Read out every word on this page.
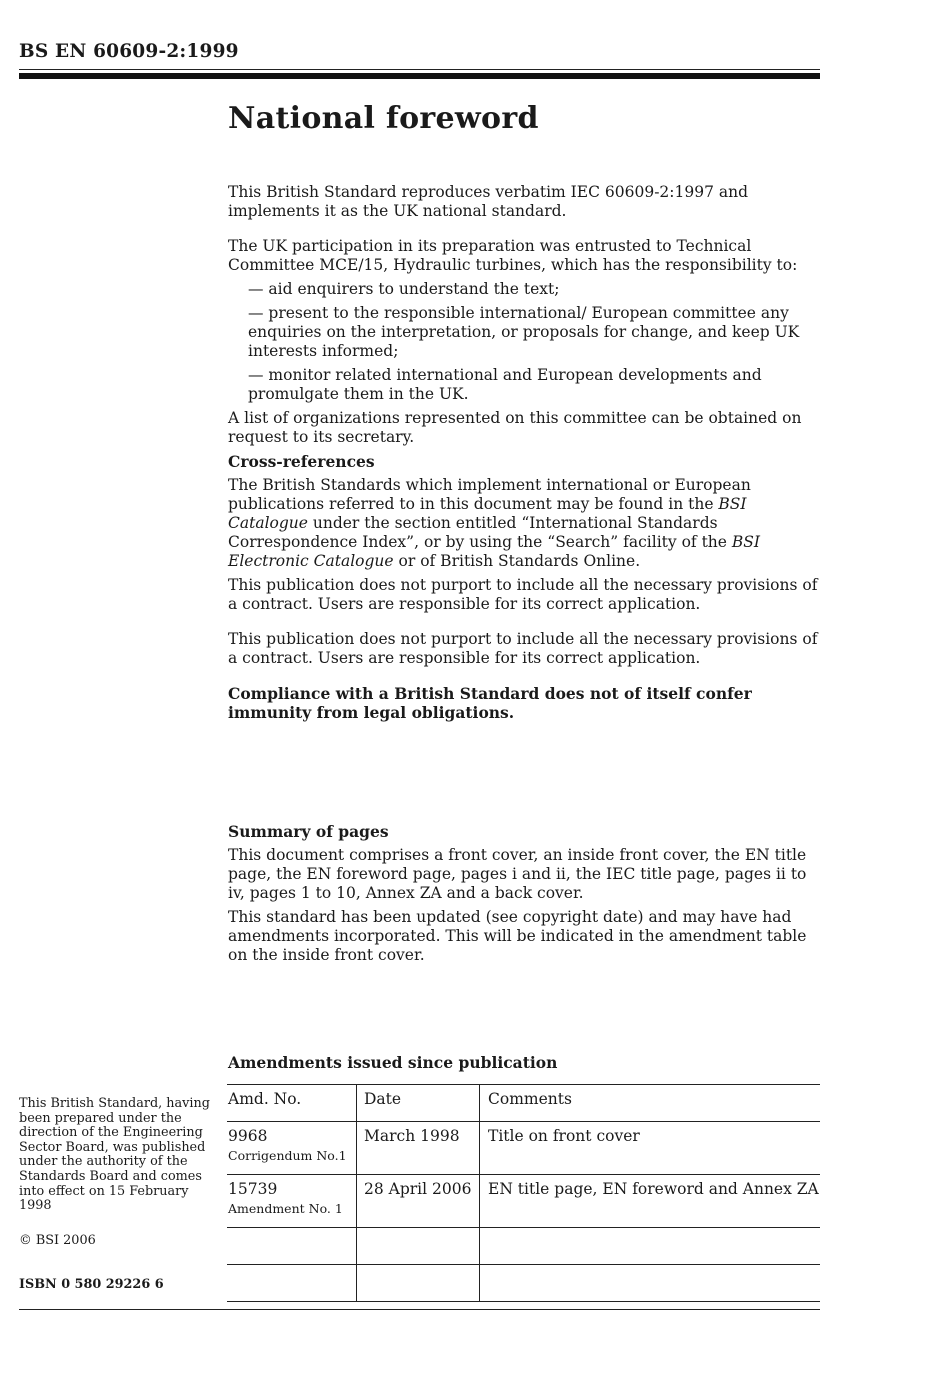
BS EN 60609-2:1999
National foreword

This British Standard reproduces verbatim IEC 60609-2:1997 and implements it as the UK national standard.

The UK participation in its preparation was entrusted to Technical Committee MCE/15, Hydraulic turbines, which has the responsibility to:

— aid enquirers to understand the text;

— present to the responsible international/ European committee any enquiries on the interpretation, or proposals for change, and keep UK interests informed;

— monitor related international and European developments and promulgate them in the UK.

A list of organizations represented on this committee can be obtained on request to its secretary.

Cross-references

The British Standards which implement international or European publications referred to in this document may be found in the BSI Catalogue under the section entitled “International Standards Correspondence Index”, or by using the “Search” facility of the BSI Electronic Catalogue or of British Standards Online.

This publication does not purport to include all the necessary provisions of a contract. Users are responsible for its correct application.

This publication does not purport to include all the necessary provisions of a contract. Users are responsible for its correct application.

Compliance with a British Standard does not of itself confer immunity from legal obligations.

Summary of pages

This document comprises a front cover, an inside front cover, the EN title page, the EN foreword page, pages i and ii, the IEC title page, pages ii to iv, pages 1 to 10, Annex ZA and a back cover.

This standard has been updated (see copyright date) and may have had amendments incorporated. This will be indicated in the amendment table on the inside front cover.

Amendments issued since publication
Amd. No.	Date	Comments
9968
Corrigendum No.1	March 1998	Title on front cover
15739
Amendment No. 1	28 April 2006	EN title page, EN foreword and Annex ZA

This British Standard, having been prepared under the direction of the Engineering Sector Board, was published under the authority of the Standards Board and comes into effect on 15 February 1998
© BSI 2006
ISBN 0 580 29226 6
